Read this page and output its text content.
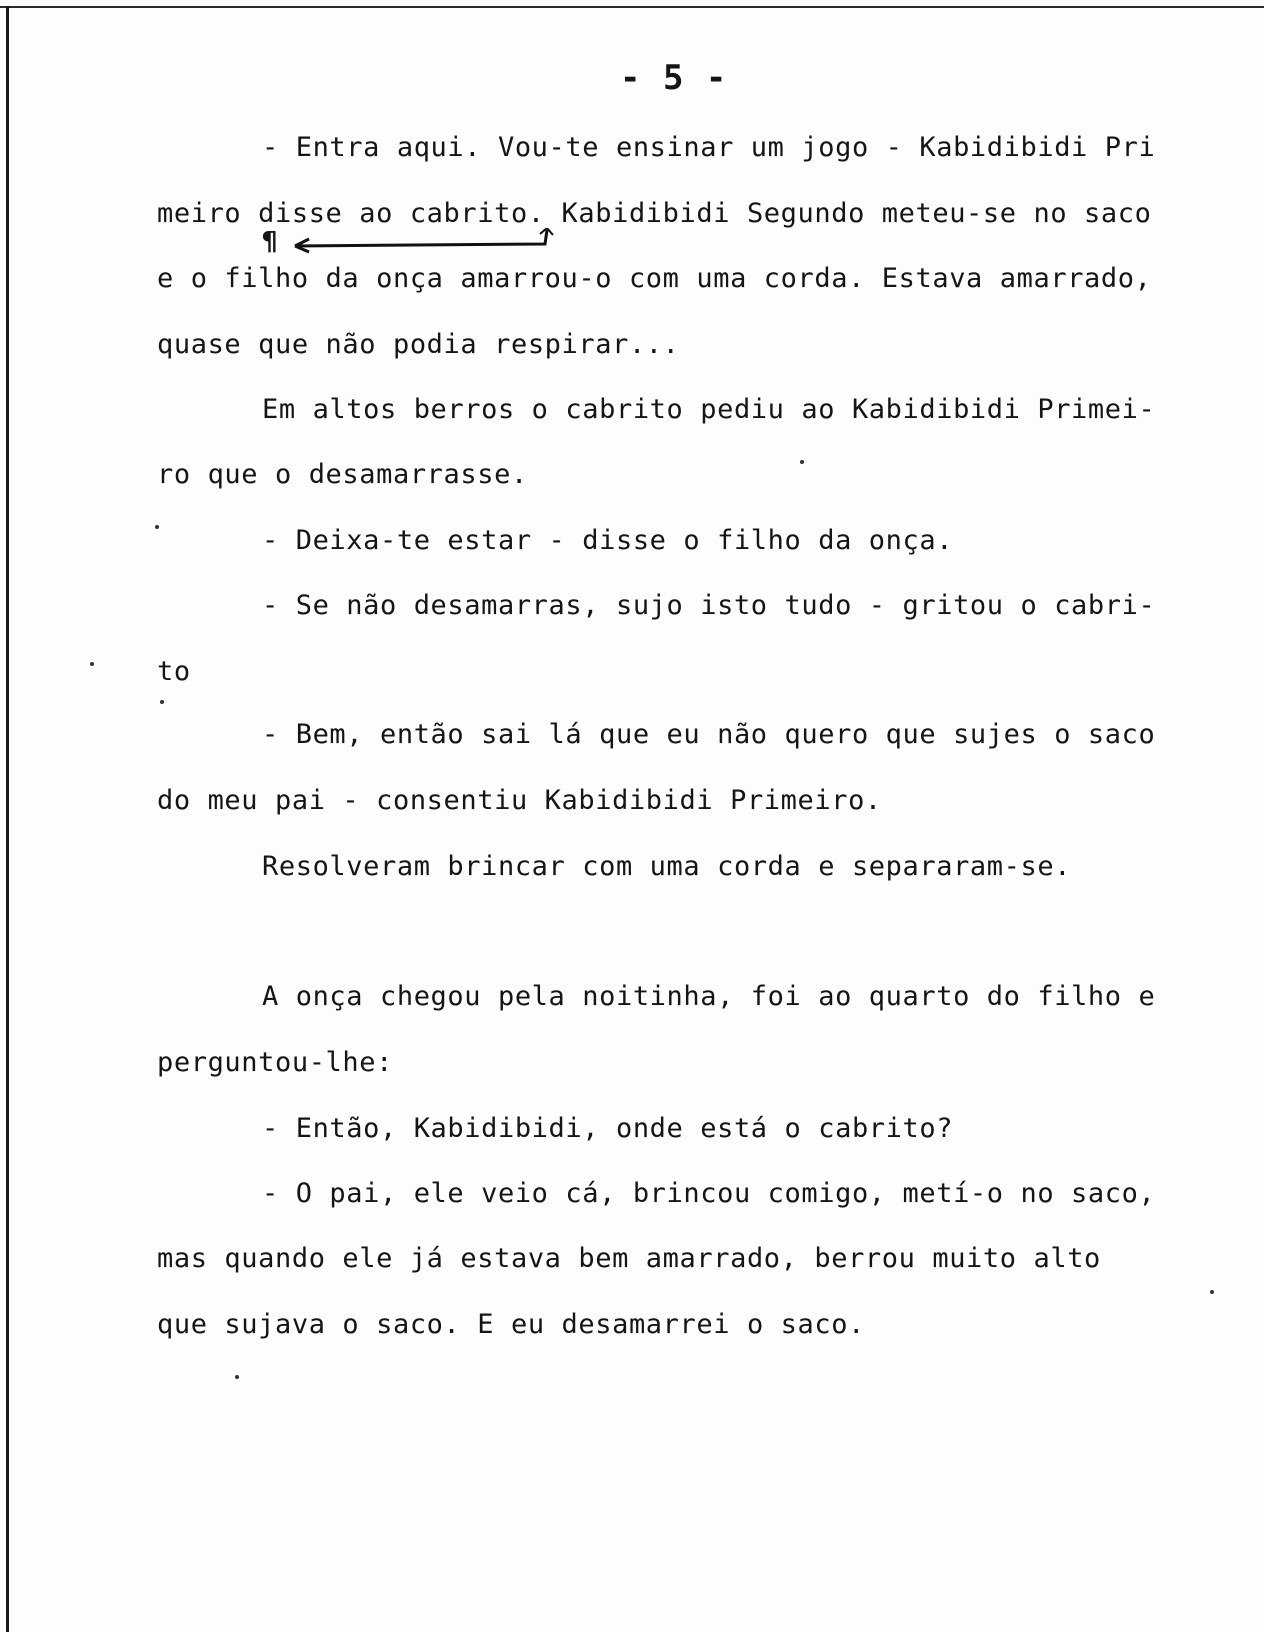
- 5 -
- Entra aqui. Vou-te ensinar um jogo - Kabidibidi Pri
meiro disse ao cabrito. Kabidibidi Segundo meteu-se no saco
¶
e o filho da onça amarrou-o com uma corda. Estava amarrado,
quase que não podia respirar...
Em altos berros o cabrito pediu ao Kabidibidi Primei-
ro que o desamarrasse.
- Deixa-te estar - disse o filho da onça.
- Se não desamarras, sujo isto tudo - gritou o cabri-
to
- Bem, então sai lá que eu não quero que sujes o saco
do meu pai - consentiu Kabidibidi Primeiro.
Resolveram brincar com uma corda e separaram-se.
A onça chegou pela noitinha, foi ao quarto do filho e
perguntou-lhe:
- Então, Kabidibidi, onde está o cabrito?
- O pai, ele veio cá, brincou comigo, metí-o no saco,
mas quando ele já estava bem amarrado, berrou muito alto
que sujava o saco. E eu desamarrei o saco.
